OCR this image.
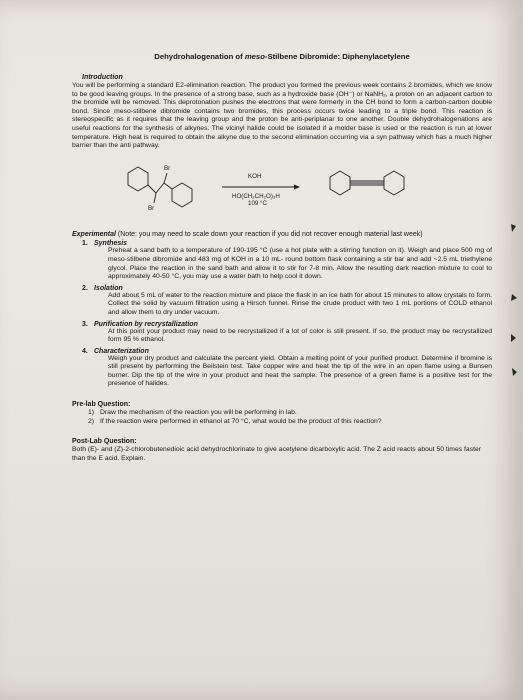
Dehydrohalogenation of meso-Stilbene Dibromide: Diphenylacetylene
Introduction

You will be performing a standard E2-elimination reaction. The product you formed the previous week contains 2 bromides, which we know to be good leaving groups. In the presence of a strong base, such as a hydroxide base (OH⁻) or NaNH₂, a proton on an adjacent carbon to the bromide will be removed. This deprotonation pushes the electrons that were formerly in the CH bond to form a carbon-carbon double bond. Since meso-stilbene dibromide contains two bromides, this process occurs twice leading to a triple bond. This reaction is stereospecific as it requires that the leaving group and the proton be anti-periplanar to one another. Double dehydrohalogenations are useful reactions for the synthesis of alkynes. The vicinyl halide could be isolated if a molder base is used or the reaction is run at lower temperature. High heat is required to obtain the alkyne due to the second elimination occurring via a syn pathway which has a much higher barrier than the anti pathway.

Br
Br
KOH
HO(CH₂CH₂O)₃H
109 °C
Experimental (Note: you may need to scale down your reaction if you did not recover enough material last week)
1. Synthesis

Preheat a sand bath to a temperature of 190-195 °C (use a hot plate with a stirring function on it). Weigh and place 500 mg of meso-stilbene dibromide and 483 mg of KOH in a 10 mL- round bottom flask containing a stir bar and add ~2.5 mL triethylene glycol. Place the reaction in the sand bath and allow it to stir for 7-8 min. Allow the resulting dark reaction mixture to cool to approximately 40-50 °C, you may use a water bath to help cool it down.

2. Isolation

Add about 5 mL of water to the reaction mixture and place the flask in an ice bath for about 15 minutes to allow crystals to form. Collect the solid by vacuum filtration using a Hirsch funnel. Rinse the crude product with two 1 mL portions of COLD ethanol and allow them to dry under vacuum.

3. Purification by recrystallization

At this point your product may need to be recrystallized if a lot of color is still present. If so, the product may be recrystallized form 95 % ethanol.

4. Characterization

Weigh your dry product and calculate the percent yield. Obtain a melting point of your purified product. Determine if bromine is still present by performing the Beilstein test. Take copper wire and heat the tip of the wire in an open flame using a Bunsen burner. Dip the tip of the wire in your product and heat the sample. The presence of a green flame is a positive test for the presence of halides.

Pre-lab Question:
1) Draw the mechanism of the reaction you will be performing in lab.
2) If the reaction were performed in ethanol at 70 °C, what would be the product of this reaction?
Post-Lab Question:

Both (E)- and (Z)-2-chlorobutenedioic acid dehydrochlorinate to give acetylene dicarboxylic acid. The Z acid reacts about 50 times faster than the E acid. Explain.
